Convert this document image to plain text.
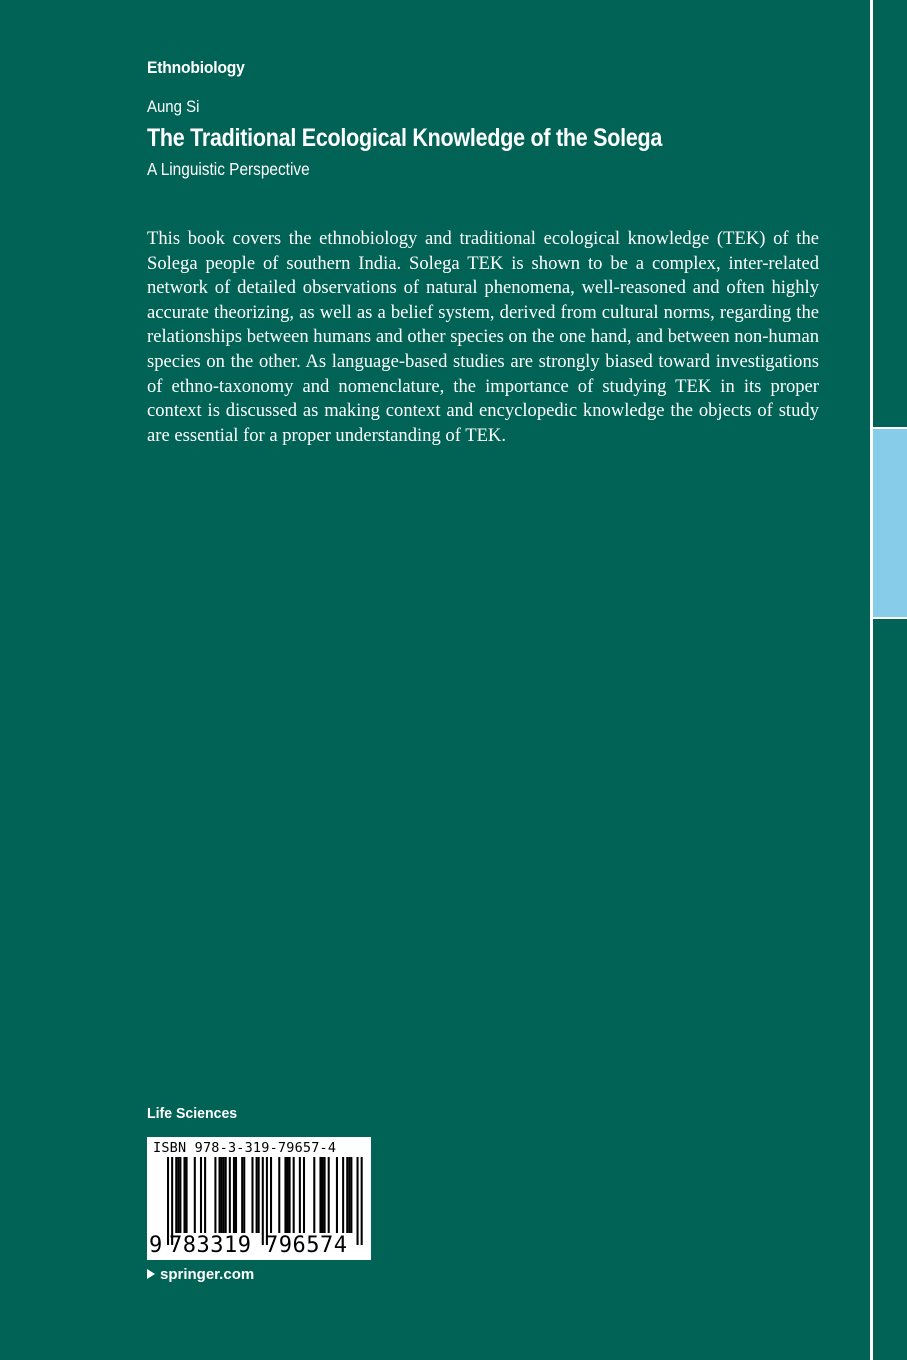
Ethnobiology
Aung Si
The Traditional Ecological Knowledge of the Solega
A Linguistic Perspective
This book covers the ethnobiology and traditional ecological knowledge (TEK) of the Solega people of southern India. Solega TEK is shown to be a complex, inter-related network of detailed observations of natural phenomena, well-reasoned and often highly accurate theorizing, as well as a belief system, derived from cultural norms, regarding the relationships between humans and other species on the one hand, and between non-human species on the other. As language-based studies are strongly biased toward investigations of ethno-taxonomy and nomenclature, the importance of studying TEK in its proper context is discussed as making context and encyclopedic knowledge the objects of study are essential for a proper understanding of TEK.
Life Sciences
ISBN 978-3-319-79657-4
9 783319 796574
springer.com
